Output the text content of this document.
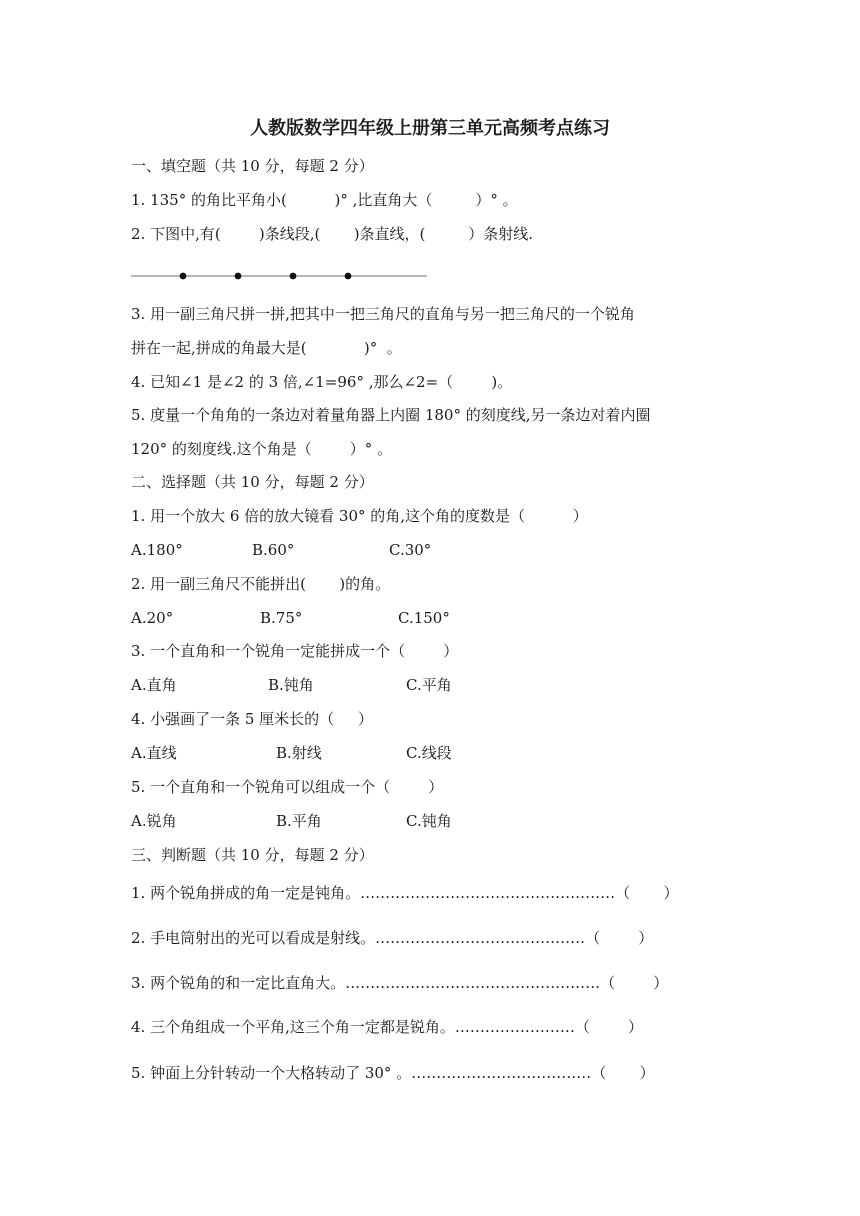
人教版数学四年级上册第三单元高频考点练习
一、填空题（共 10 分，每题 2 分）
1. 135° 的角比平角小(          )° ,比直角大（         ）° 。
2. 下图中,有(        )条线段,(       )条直线，(         ）条射线.
3. 用一副三角尺拼一拼,把其中一把三角尺的直角与另一把三角尺的一个锐角
拼在一起,拼成的角最大是(            )°  。
4. 已知∠1 是∠2 的 3 倍,∠1=96° ,那么∠2=（        )。
5. 度量一个角角的一条边对着量角器上内圈 180° 的刻度线,另一条边对着内圈
120° 的刻度线.这个角是（        ）° 。
二、选择题（共 10 分，每题 2 分）
1. 用一个放大 6 倍的放大镜看 30° 的角,这个角的度数是（          ）
A.180°	B.60°	C.30°
2. 用一副三角尺不能拼出(       )的角。
A.20°	B.75°	C.150°
3. 一个直角和一个锐角一定能拼成一个（        ）
A.直角	B.钝角	C.平角
4. 小强画了一条 5 厘米长的（     ）
A.直线	B.射线	C.线段
5. 一个直角和一个锐角可以组成一个（        ）
A.锐角	B.平角	C.钝角
三、判断题（共 10 分，每题 2 分）
1. 两个锐角拼成的角一定是钝角。……………………………………………（       ）
2. 手电筒射出的光可以看成是射线。……………………………………（        ）
3. 两个锐角的和一定比直角大。……………………………………………（        ）
4. 三个角组成一个平角,这三个角一定都是锐角。……………………（        ）
5. 钟面上分针转动一个大格转动了 30° 。………………………………（       ）
